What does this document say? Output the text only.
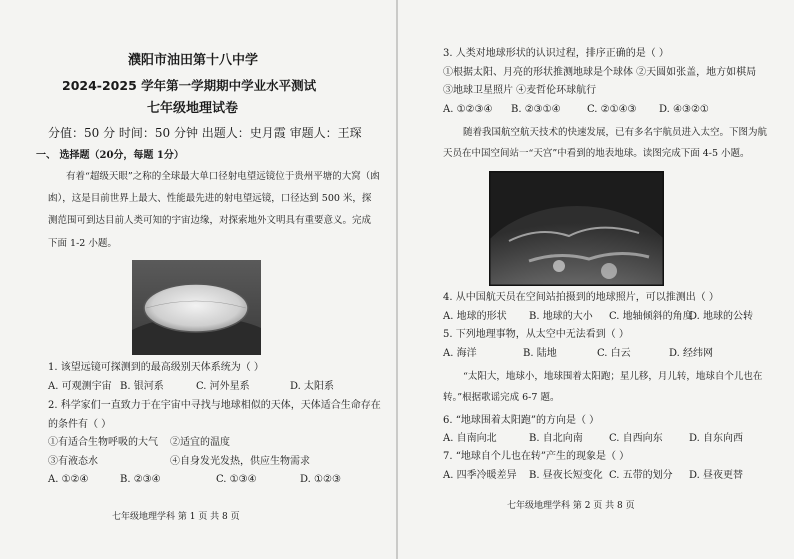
濮阳市油田第十八中学
2024-2025 学年第一学期期中学业水平测试
七年级地理试卷
分值：50 分 时间：50 分钟 出题人：史月霞 审题人：王琛
一、 选择题（20分，每题 1分）
有着“超级天眼”之称的全球最大单口径射电望远镜位于贵州平塘的大窝（凼
凼），这是目前世界上最大、性能最先进的射电望远镜，口径达到 500 米，探
测范围可到达目前人类可知的宇宙边缘，对探索地外文明具有重要意义。完成
下面 1-2 小题。
1. 该望远镜可探测到的最高级别天体系统为（ ）
A. 可观测宇宙 B. 银河系	C. 河外星系	D. 太阳系
2. 科学家们一直致力于在宇宙中寻找与地球相似的天体，天体适合生命存在
的条件有（ ）
①有适合生物呼吸的大气 ②适宜的温度
③有液态水	④自身发光发热，供应生物需求
A. ①②④	B. ②③④	C. ①③④	D. ①②③
七年级地理学科 第 1 页 共 8 页
3. 人类对地球形状的认识过程，排序正确的是（ ）
①根据太阳、月亮的形状推测地球是个球体 ②天圆如张盖，地方如棋局
③地球卫星照片 ④麦哲伦环球航行
A. ①②③④ B. ②③①④	C. ②①④③ D. ④③②①
随着我国航空航天技术的快速发展，已有多名宇航员进入太空。下图为航
天员在中国空间站一“天宫”中看到的地表地球。读图完成下面 4-5 小题。
4. 从中国航天员在空间站拍摄到的地球照片，可以推测出（ ）
A. 地球的形状 B. 地球的大小 C. 地轴倾斜的角度
D. 地球的公转
5. 下列地理事物，从太空中无法看到（ ）
A. 海洋	B. 陆地	C. 白云	D. 经纬网
“太阳大，地球小，地球围着太阳跑；星儿移，月儿转，地球自个儿也在
转。”根据歌谣完成 6-7 题。
6. “地球围着太阳跑”的方向是（ ）
A. 自南向北	B. 自北向南	C. 自西向东	D. 自东向西
7. “地球自个儿也在转”产生的现象是（ ）
A. 四季冷暖差异 B. 昼夜长短变化 C. 五带的划分 D. 昼夜更替
七年级地理学科 第 2 页 共 8 页
